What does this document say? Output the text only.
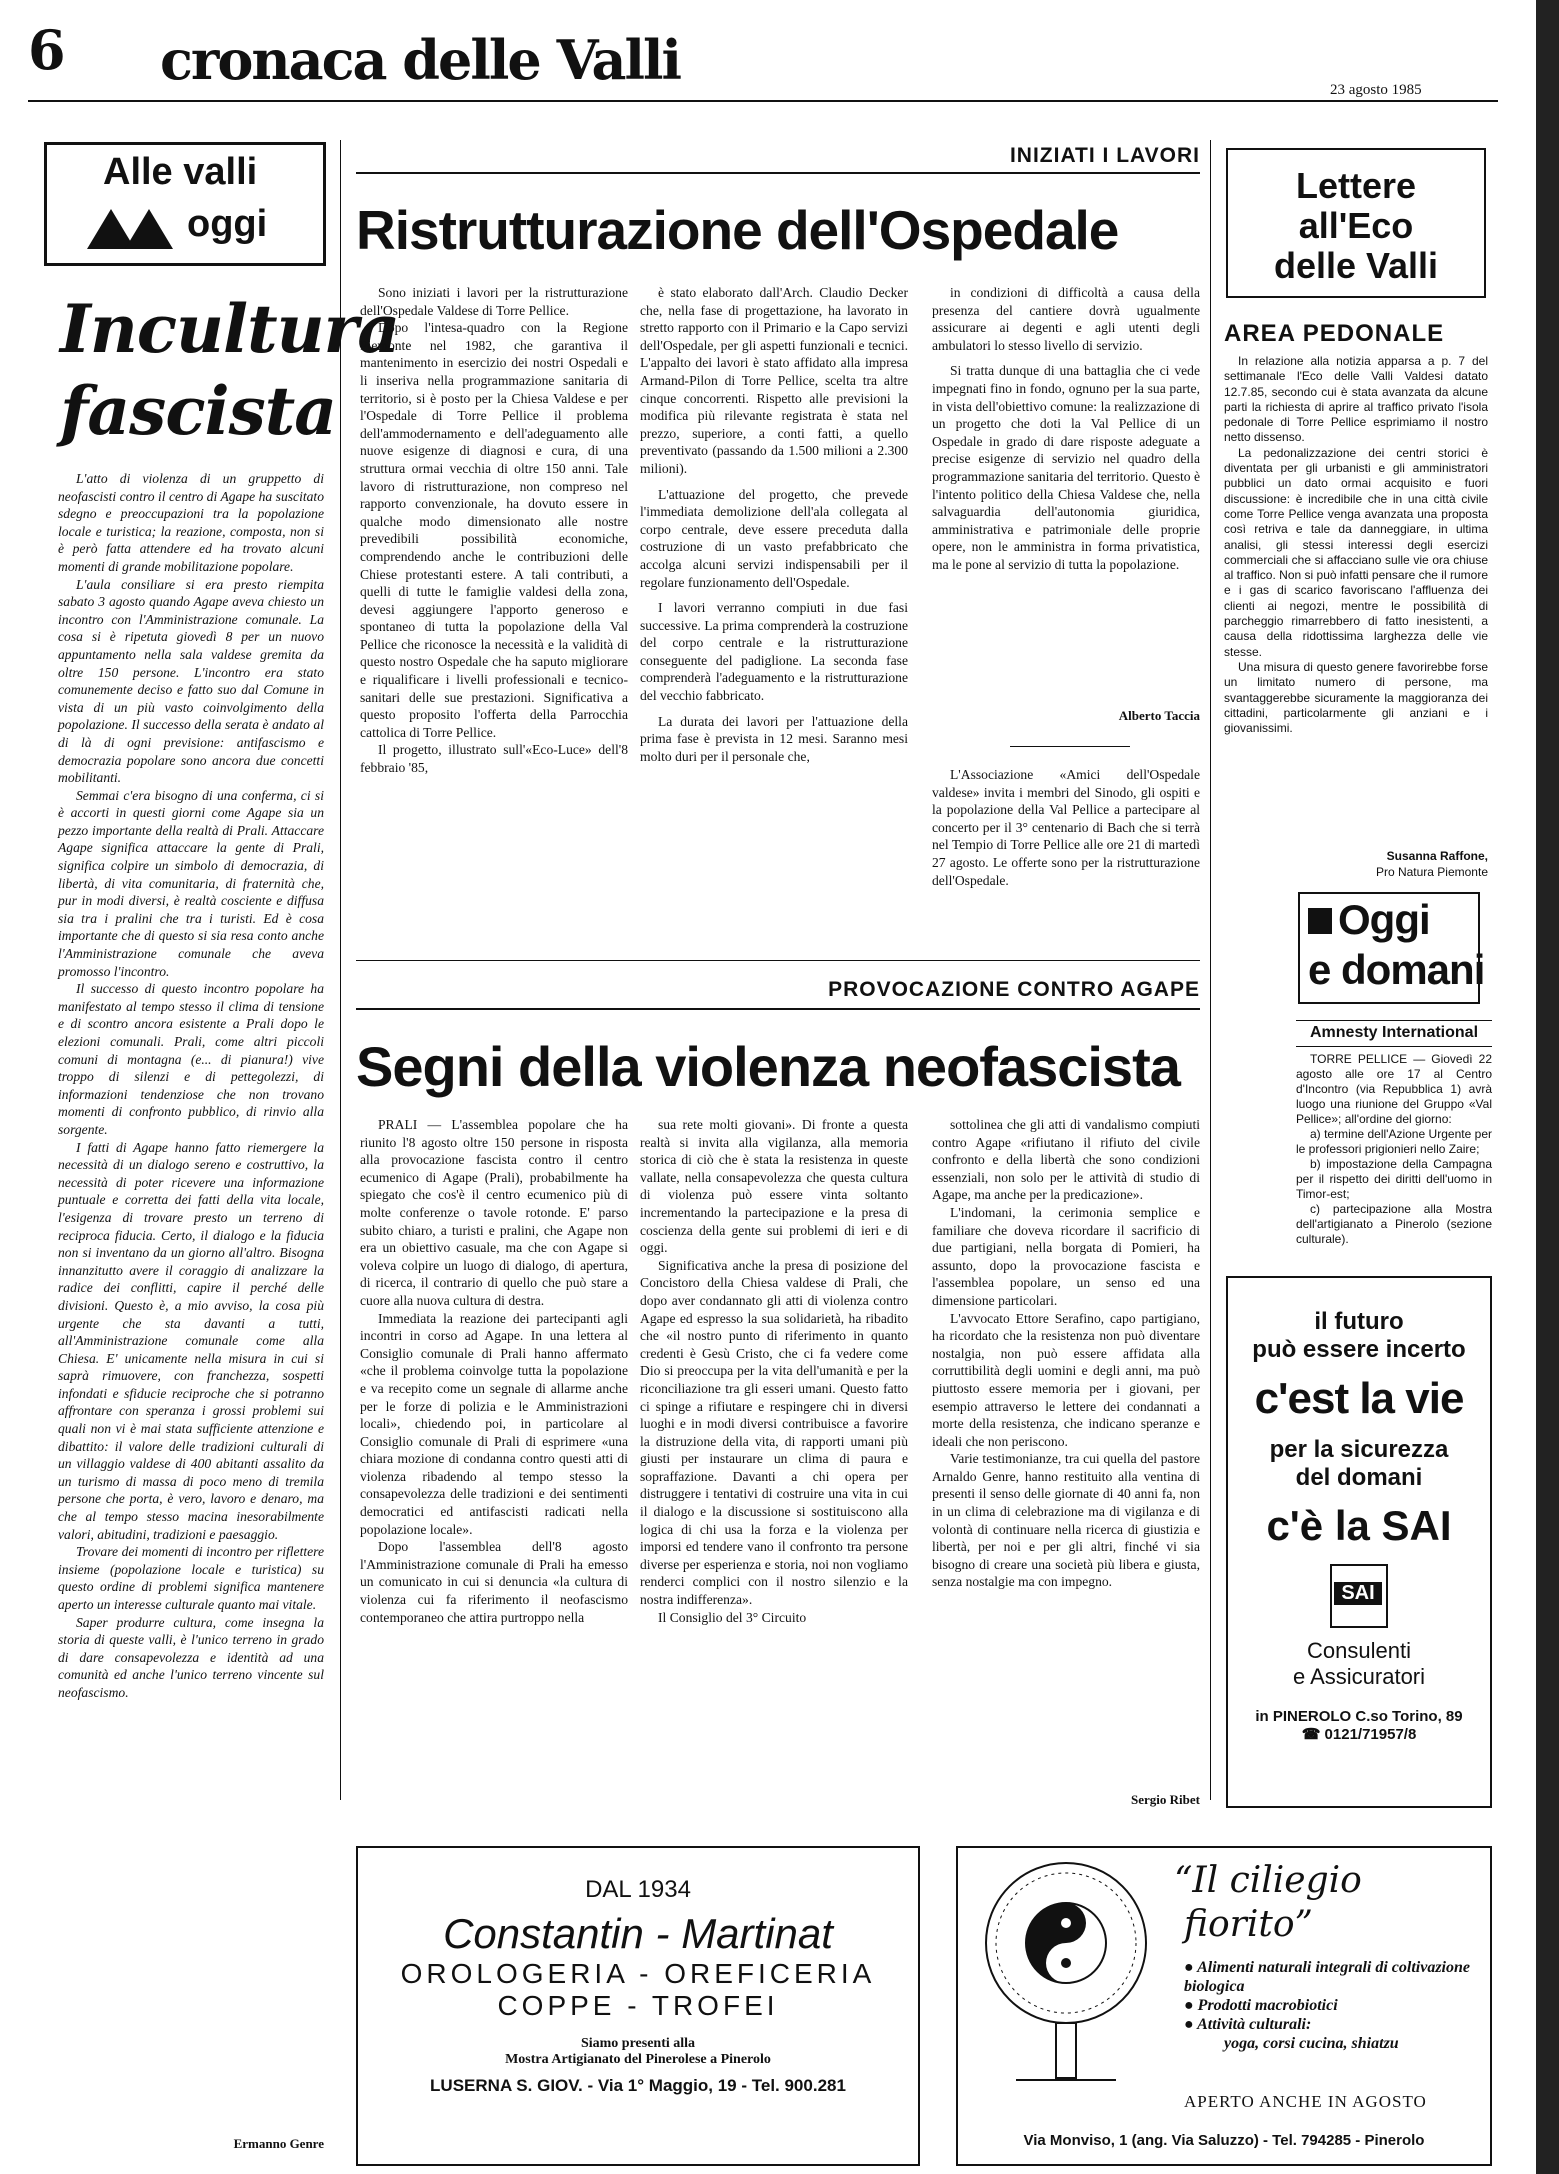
6 cronaca delle Valli	23 agosto 1985
Alle valli
oggi
Incultura
fascista

L'atto di violenza di un gruppetto di neofascisti contro il centro di Agape ha suscitato sdegno e preoccupazioni tra la popolazione locale e turistica; la reazione, composta, non si è però fatta attendere ed ha trovato alcuni momenti di grande mobilitazione popolare.

L'aula consiliare si era presto riempita sabato 3 agosto quando Agape aveva chiesto un incontro con l'Amministrazione comunale. La cosa si è ripetuta giovedì 8 per un nuovo appuntamento nella sala valdese gremita da oltre 150 persone. L'incontro era stato comunemente deciso e fatto suo dal Comune in vista di un più vasto coinvolgimento della popolazione. Il successo della serata è andato al di là di ogni previsione: antifascismo e democrazia popolare sono ancora due concetti mobilitanti.

Semmai c'era bisogno di una conferma, ci si è accorti in questi giorni come Agape sia un pezzo importante della realtà di Prali. Attaccare Agape significa attaccare la gente di Prali, significa colpire un simbolo di democrazia, di libertà, di vita comunitaria, di fraternità che, pur in modi diversi, è realtà cosciente e diffusa sia tra i pralini che tra i turisti. Ed è cosa importante che di questo si sia resa conto anche l'Amministrazione comunale che aveva promosso l'incontro.

Il successo di questo incontro popolare ha manifestato al tempo stesso il clima di tensione e di scontro ancora esistente a Prali dopo le elezioni comunali. Prali, come altri piccoli comuni di montagna (e... di pianura!) vive troppo di silenzi e di pettegolezzi, di informazioni tendenziose che non trovano momenti di confronto pubblico, di rinvio alla sorgente.

I fatti di Agape hanno fatto riemergere la necessità di un dialogo sereno e costruttivo, la necessità di poter ricevere una informazione puntuale e corretta dei fatti della vita locale, l'esigenza di trovare presto un terreno di reciproca fiducia. Certo, il dialogo e la fiducia non si inventano da un giorno all'altro. Bisogna innanzitutto avere il coraggio di analizzare la radice dei conflitti, capire il perché delle divisioni. Questo è, a mio avviso, la cosa più urgente che sta davanti a tutti, all'Amministrazione comunale come alla Chiesa. E' unicamente nella misura in cui si saprà rimuovere, con franchezza, sospetti infondati e sfiducie reciproche che si potranno affrontare con speranza i grossi problemi sui quali non vi è mai stata sufficiente attenzione e dibattito: il valore delle tradizioni culturali di un villaggio valdese di 400 abitanti assalito da un turismo di massa di poco meno di tremila persone che porta, è vero, lavoro e denaro, ma che al tempo stesso macina inesorabilmente valori, abitudini, tradizioni e paesaggio.

Trovare dei momenti di incontro per riflettere insieme (popolazione locale e turistica) su questo ordine di problemi significa mantenere aperto un interesse culturale quanto mai vitale.

Saper produrre cultura, come insegna la storia di queste valli, è l'unico terreno in grado di dare consapevolezza e identità ad una comunità ed anche l'unico terreno vincente sul neofascismo.

Ermanno Genre
INIZIATI I LAVORI
Ristrutturazione dell'Ospedale

Sono iniziati i lavori per la ristrutturazione dell'Ospedale Valdese di Torre Pellice.

Dopo l'intesa-quadro con la Regione Piemonte nel 1982, che garantiva il mantenimento in esercizio dei nostri Ospedali e li inseriva nella programmazione sanitaria di territorio, si è posto per la Chiesa Valdese e per l'Ospedale di Torre Pellice il problema dell'ammodernamento e dell'adeguamento alle nuove esigenze di diagnosi e cura, di una struttura ormai vecchia di oltre 150 anni. Tale lavoro di ristrutturazione, non compreso nel rapporto convenzionale, ha dovuto essere in qualche modo dimensionato alle nostre prevedibili possibilità economiche, comprendendo anche le contribuzioni delle Chiese protestanti estere. A tali contributi, a quelli di tutte le famiglie valdesi della zona, devesi aggiungere l'apporto generoso e spontaneo di tutta la popolazione della Val Pellice che riconosce la necessità e la validità di questo nostro Ospedale che ha saputo migliorare e riqualificare i livelli professionali e tecnico-sanitari delle sue prestazioni. Significativa a questo proposito l'offerta della Parrocchia cattolica di Torre Pellice.

Il progetto, illustrato sull'«Eco-Luce» dell'8 febbraio '85,

è stato elaborato dall'Arch. Claudio Decker che, nella fase di progettazione, ha lavorato in stretto rapporto con il Primario e la Capo servizi dell'Ospedale, per gli aspetti funzionali e tecnici. L'appalto dei lavori è stato affidato alla impresa Armand-Pilon di Torre Pellice, scelta tra altre cinque concorrenti. Rispetto alle previsioni la modifica più rilevante registrata è stata nel prezzo, superiore, a conti fatti, a quello preventivato (passando da 1.500 milioni a 2.300 milioni).

L'attuazione del progetto, che prevede l'immediata demolizione dell'ala collegata al corpo centrale, deve essere preceduta dalla costruzione di un vasto prefabbricato che accolga alcuni servizi indispensabili per il regolare funzionamento dell'Ospedale.

I lavori verranno compiuti in due fasi successive. La prima comprenderà la costruzione del corpo centrale e la ristrutturazione conseguente del padiglione. La seconda fase comprenderà l'adeguamento e la ristrutturazione del vecchio fabbricato.

La durata dei lavori per l'attuazione della prima fase è prevista in 12 mesi. Saranno mesi molto duri per il personale che,

in condizioni di difficoltà a causa della presenza del cantiere dovrà ugualmente assicurare ai degenti e agli utenti degli ambulatori lo stesso livello di servizio.

Si tratta dunque di una battaglia che ci vede impegnati fino in fondo, ognuno per la sua parte, in vista dell'obiettivo comune: la realizzazione di un progetto che doti la Val Pellice di un Ospedale in grado di dare risposte adeguate a precise esigenze di servizio nel quadro della programmazione sanitaria del territorio. Questo è l'intento politico della Chiesa Valdese che, nella salvaguardia dell'autonomia giuridica, amministrativa e patrimoniale delle proprie opere, non le amministra in forma privatistica, ma le pone al servizio di tutta la popolazione.

Alberto Taccia

L'Associazione «Amici dell'Ospedale valdese» invita i membri del Sinodo, gli ospiti e la popolazione della Val Pellice a partecipare al concerto per il 3° centenario di Bach che si terrà nel Tempio di Torre Pellice alle ore 21 di martedì 27 agosto. Le offerte sono per la ristrutturazione dell'Ospedale.

PROVOCAZIONE CONTRO AGAPE
Segni della violenza neofascista

PRALI — L'assemblea popolare che ha riunito l'8 agosto oltre 150 persone in risposta alla provocazione fascista contro il centro ecumenico di Agape (Prali), probabilmente ha spiegato che cos'è il centro ecumenico più di molte conferenze o tavole rotonde. E' parso subito chiaro, a turisti e pralini, che Agape non era un obiettivo casuale, ma che con Agape si voleva colpire un luogo di dialogo, di apertura, di ricerca, il contrario di quello che può stare a cuore alla nuova cultura di destra.

Immediata la reazione dei partecipanti agli incontri in corso ad Agape. In una lettera al Consiglio comunale di Prali hanno affermato «che il problema coinvolge tutta la popolazione e va recepito come un segnale di allarme anche per le forze di polizia e le Amministrazioni locali», chiedendo poi, in particolare al Consiglio comunale di Prali di esprimere «una chiara mozione di condanna contro questi atti di violenza ribadendo al tempo stesso la consapevolezza delle tradizioni e dei sentimenti democratici ed antifascisti radicati nella popolazione locale».

Dopo l'assemblea dell'8 agosto l'Amministrazione comunale di Prali ha emesso un comunicato in cui si denuncia «la cultura di violenza cui fa riferimento il neofascismo contemporaneo che attira purtroppo nella

sua rete molti giovani». Di fronte a questa realtà si invita alla vigilanza, alla memoria storica di ciò che è stata la resistenza in queste vallate, nella consapevolezza che questa cultura di violenza può essere vinta soltanto incrementando la partecipazione e la presa di coscienza della gente sui problemi di ieri e di oggi.

Significativa anche la presa di posizione del Concistoro della Chiesa valdese di Prali, che dopo aver condannato gli atti di violenza contro Agape ed espresso la sua solidarietà, ha ribadito che «il nostro punto di riferimento in quanto credenti è Gesù Cristo, che ci fa vedere come Dio si preoccupa per la vita dell'umanità e per la riconciliazione tra gli esseri umani. Questo fatto ci spinge a rifiutare e respingere chi in diversi luoghi e in modi diversi contribuisce a favorire la distruzione della vita, di rapporti umani più giusti per instaurare un clima di paura e sopraffazione. Davanti a chi opera per distruggere i tentativi di costruire una vita in cui il dialogo e la discussione si sostituiscono alla logica di chi usa la forza e la violenza per imporsi ed tendere vano il confronto tra persone diverse per esperienza e storia, noi non vogliamo renderci complici con il nostro silenzio e la nostra indifferenza».

Il Consiglio del 3° Circuito

sottolinea che gli atti di vandalismo compiuti contro Agape «rifiutano il rifiuto del civile confronto e della libertà che sono condizioni essenziali, non solo per le attività di studio di Agape, ma anche per la predicazione».

L'indomani, la cerimonia semplice e familiare che doveva ricordare il sacrificio di due partigiani, nella borgata di Pomieri, ha assunto, dopo la provocazione fascista e l'assemblea popolare, un senso ed una dimensione particolari.

L'avvocato Ettore Serafino, capo partigiano, ha ricordato che la resistenza non può diventare nostalgia, non può essere affidata alla corruttibilità degli uomini e degli anni, ma può piuttosto essere memoria per i giovani, per esempio attraverso le lettere dei condannati a morte della resistenza, che indicano speranze e ideali che non periscono.

Varie testimonianze, tra cui quella del pastore Arnaldo Genre, hanno restituito alla ventina di presenti il senso delle giornate di 40 anni fa, non in un clima di celebrazione ma di vigilanza e di volontà di continuare nella ricerca di giustizia e libertà, per noi e per gli altri, finché vi sia bisogno di creare una società più libera e giusta, senza nostalgie ma con impegno.

Sergio Ribet
Lettere all'Eco delle Valli
AREA PEDONALE

In relazione alla notizia apparsa a p. 7 del settimanale l'Eco delle Valli Valdesi datato 12.7.85, secondo cui è stata avanzata da alcune parti la richiesta di aprire al traffico privato l'isola pedonale di Torre Pellice esprimiamo il nostro netto dissenso.

La pedonalizzazione dei centri storici è diventata per gli urbanisti e gli amministratori pubblici un dato ormai acquisito e fuori discussione: è incredibile che in una città civile come Torre Pellice venga avanzata una proposta così retriva e tale da danneggiare, in ultima analisi, gli stessi interessi degli esercizi commerciali che si affacciano sulle vie ora chiuse al traffico. Non si può infatti pensare che il rumore e i gas di scarico favoriscano l'affluenza dei clienti ai negozi, mentre le possibilità di parcheggio rimarrebbero di fatto inesistenti, a causa della ridottissima larghezza delle vie stesse.

Una misura di questo genere favorirebbe forse un limitato numero di persone, ma svantaggerebbe sicuramente la maggioranza dei cittadini, particolarmente gli anziani e i giovanissimi.

Susanna Raffone,
Pro Natura Piemonte
Oggi
e domani
Amnesty International

TORRE PELLICE — Giovedì 22 agosto alle ore 17 al Centro d'Incontro (via Repubblica 1) avrà luogo una riunione del Gruppo «Val Pellice»; all'ordine del giorno:

a) termine dell'Azione Urgente per le professori prigionieri nello Zaire;

b) impostazione della Campagna per il rispetto dei diritti dell'uomo in Timor-est;

c) partecipazione alla Mostra dell'artigianato a Pinerolo (sezione culturale).

il futuro
può essere incerto
c'est la vie
per la sicurezza
del domani
c'è la SAI
SAI
Consulenti
e Assicuratori
in PINEROLO C.so Torino, 89
☎ 0121/71957/8
DAL 1934
Constantin - Martinat
OROLOGERIA - OREFICERIA
COPPE - TROFEI
Siamo presenti alla
Mostra Artigianato del Pinerolese a Pinerolo
LUSERNA S. GIOV. - Via 1° Maggio, 19 - Tel. 900.281
“Il ciliegio
fiorito”
● Alimenti naturali integrali di coltivazione biologica
● Prodotti macrobiotici
● Attività culturali:
yoga, corsi cucina, shiatzu
APERTO ANCHE IN AGOSTO
Via Monviso, 1 (ang. Via Saluzzo) - Tel. 794285 - Pinerolo
